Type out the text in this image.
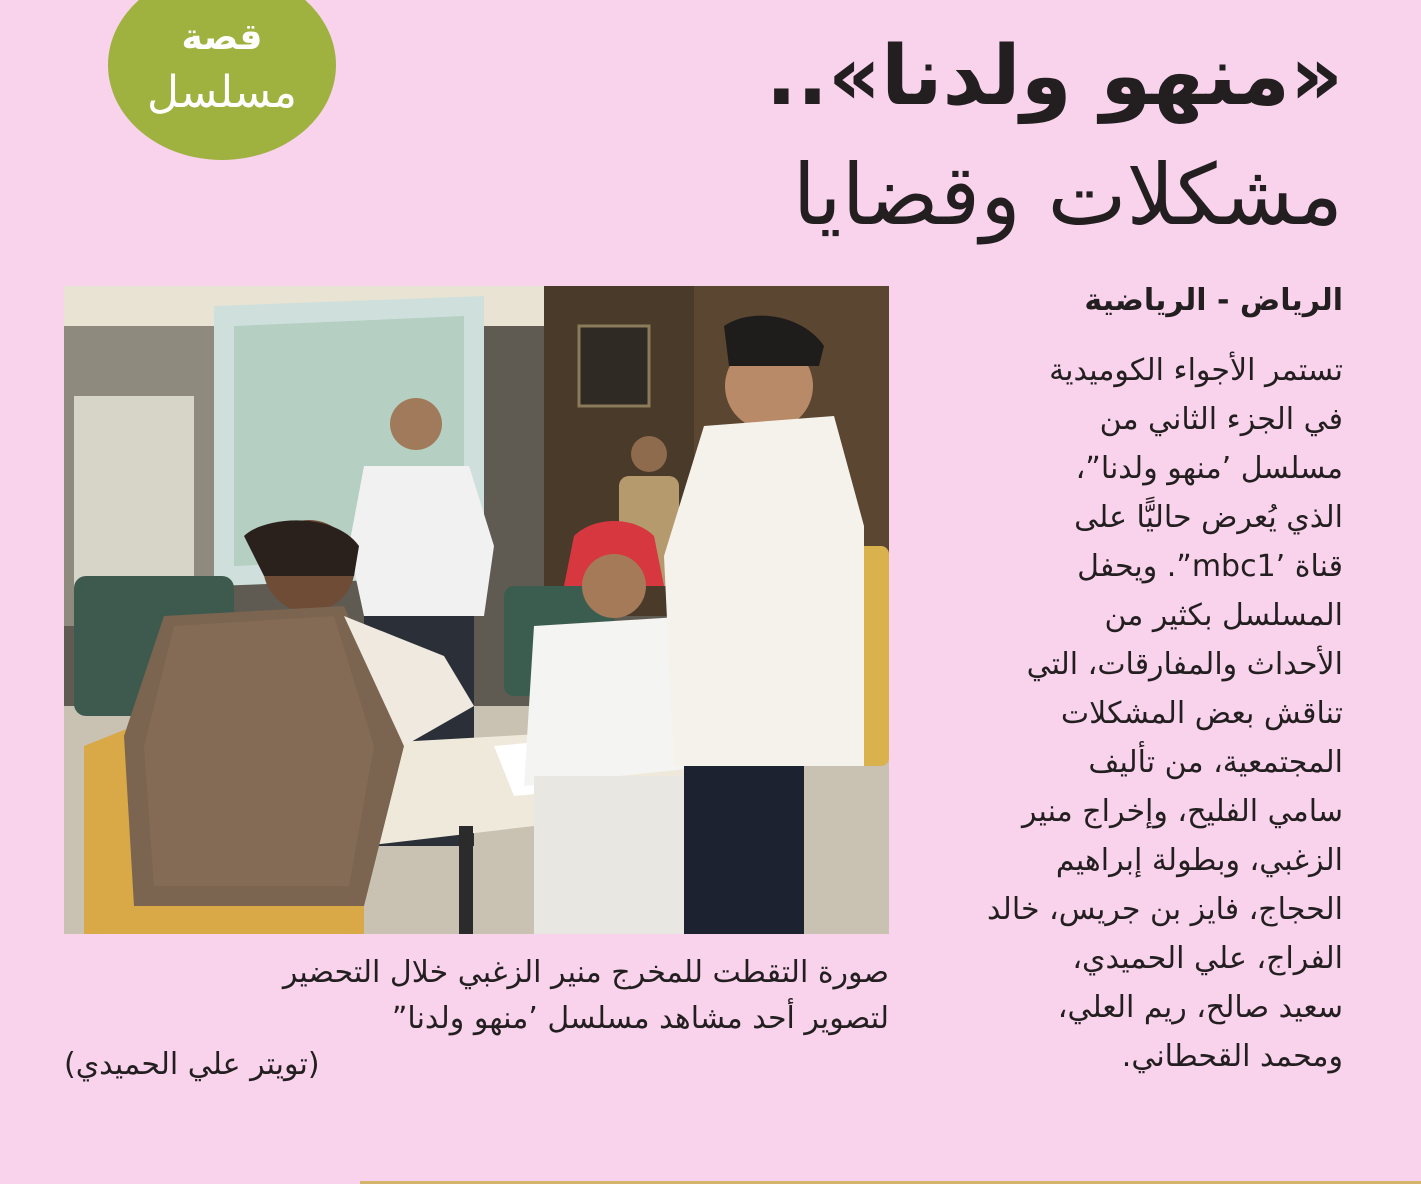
قصة
مسلسل	«منهو ولدنا»..
مشكلات وقضايا
الرياض - الرياضية

تستمر الأجواء الكوميدية
في الجزء الثاني من
مسلسل ’منهو ولدنا”،
الذي يُعرض حاليًّا على
قناة ’mbc1”. ويحفل
المسلسل بكثير من
الأحداث والمفارقات، التي
تناقش بعض المشكلات
المجتمعية، من تأليف
سامي الفليح، وإخراج منير
الزغبي، وبطولة إبراهيم
الحجاج، فايز بن جريس، خالد
الفراج، علي الحميدي،
سعيد صالح، ريم العلي،
ومحمد القحطاني.

صورة التقطت للمخرج منير الزغبي خلال التحضير
لتصوير أحد مشاهد مسلسل ’منهو ولدنا”
(تويتر علي الحميدي)
